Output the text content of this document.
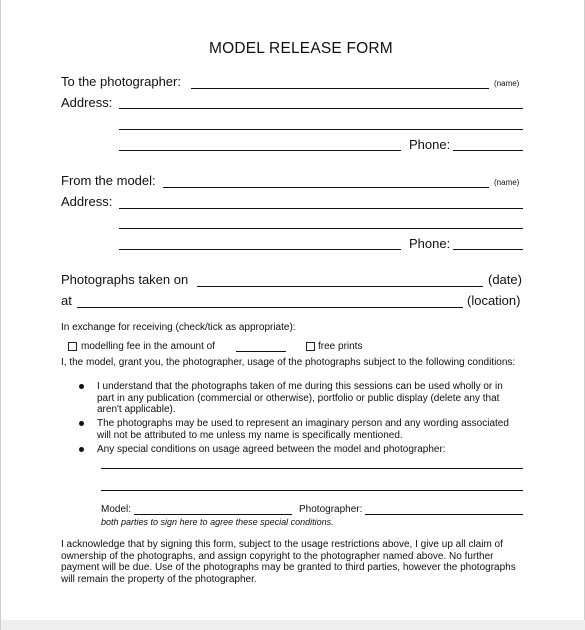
MODEL RELEASE FORM
To the photographer:	(name)
Address:
Phone:
From the model:	(name)
Address:
Phone:
Photographs taken on	(date)
at	(location)
In exchange for receiving (check/tick as appropriate):
modelling fee in the amount of	free prints
I, the model, grant you, the photographer, usage of the photographs subject to the following conditions:
I understand that the photographs taken of me during this sessions can be used wholly or in part in any publication (commercial or otherwise), portfolio or public display (delete any that aren't applicable).
The photographs may be used to represent an imaginary person and any wording associated will not be attributed to me unless my name is specifically mentioned.
Any special conditions on usage agreed between the model and photographer:
Model:	Photographer:
both parties to sign here to agree these special conditions.
I acknowledge that by signing this form, subject to the usage restrictions above, I give up all claim of ownership of the photographs, and assign copyright to the photographer named above. No further payment will be due. Use of the photographs may be granted to third parties, however the photographs will remain the property of the photographer.
